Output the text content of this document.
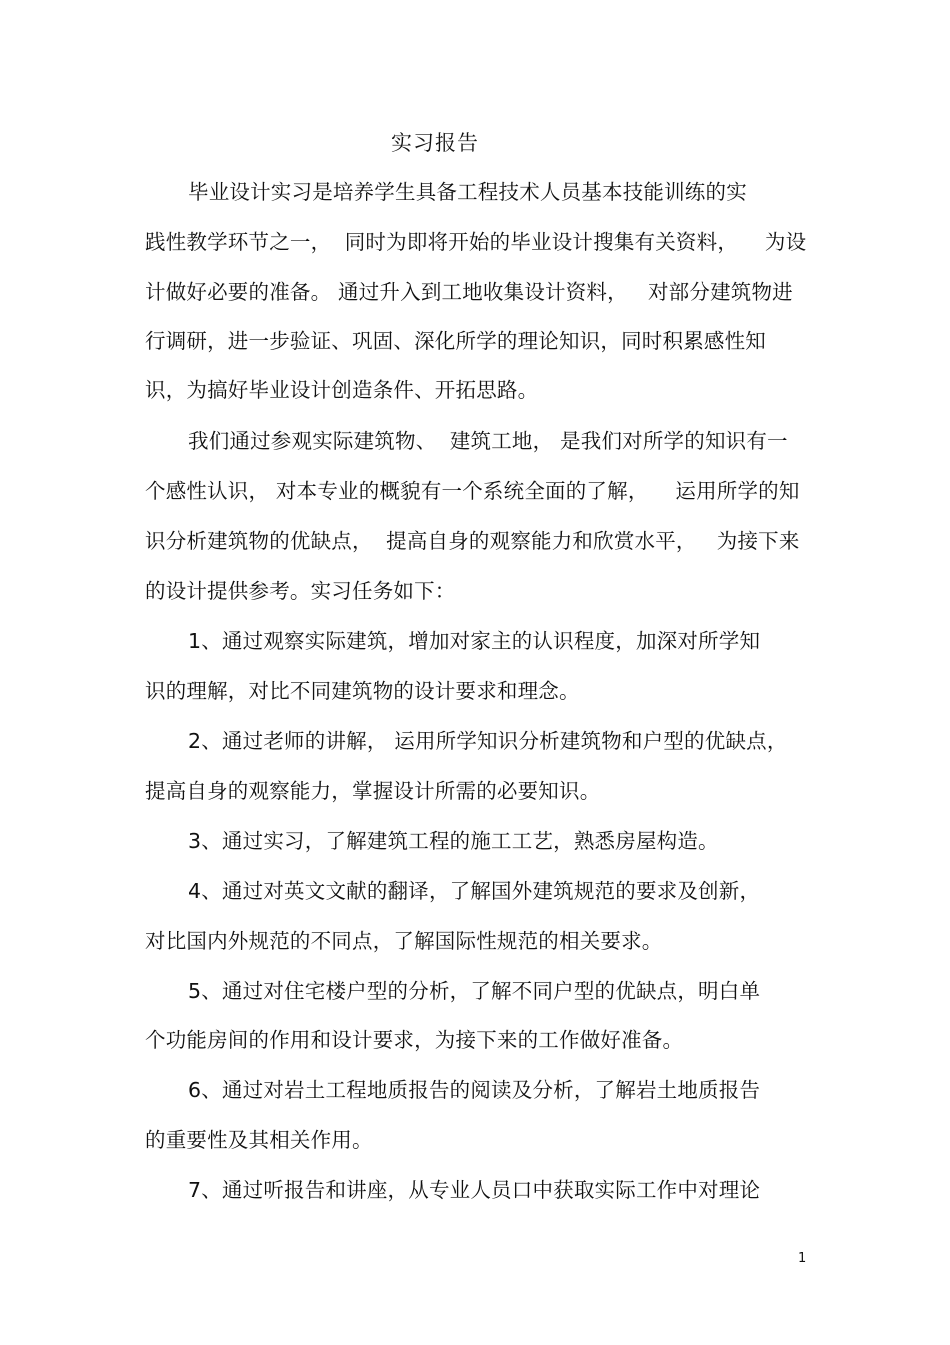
实习报告
毕业设计实习是培养学生具备工程技术人员基本技能训练的实
践性教学环节之一，  同时为即将开始的毕业设计搜集有关资料，    为设
计做好必要的准备。 通过升入到工地收集设计资料，   对部分建筑物进
行调研，进一步验证、巩固、深化所学的理论知识，同时积累感性知
识，为搞好毕业设计创造条件、开拓思路。
我们通过参观实际建筑物、  建筑工地， 是我们对所学的知识有一
个感性认识， 对本专业的概貌有一个系统全面的了解，    运用所学的知
识分析建筑物的优缺点，  提高自身的观察能力和欣赏水平，   为接下来
的设计提供参考。实习任务如下：
1、通过观察实际建筑，增加对家主的认识程度，加深对所学知
识的理解，对比不同建筑物的设计要求和理念。
2、通过老师的讲解， 运用所学知识分析建筑物和户型的优缺点，
提高自身的观察能力，掌握设计所需的必要知识。
3、通过实习，了解建筑工程的施工工艺，熟悉房屋构造。
4、通过对英文文献的翻译，了解国外建筑规范的要求及创新，
对比国内外规范的不同点，了解国际性规范的相关要求。
5、通过对住宅楼户型的分析，了解不同户型的优缺点，明白单
个功能房间的作用和设计要求，为接下来的工作做好准备。
6、通过对岩土工程地质报告的阅读及分析，了解岩土地质报告
的重要性及其相关作用。
7、通过听报告和讲座，从专业人员口中获取实际工作中对理论
1
